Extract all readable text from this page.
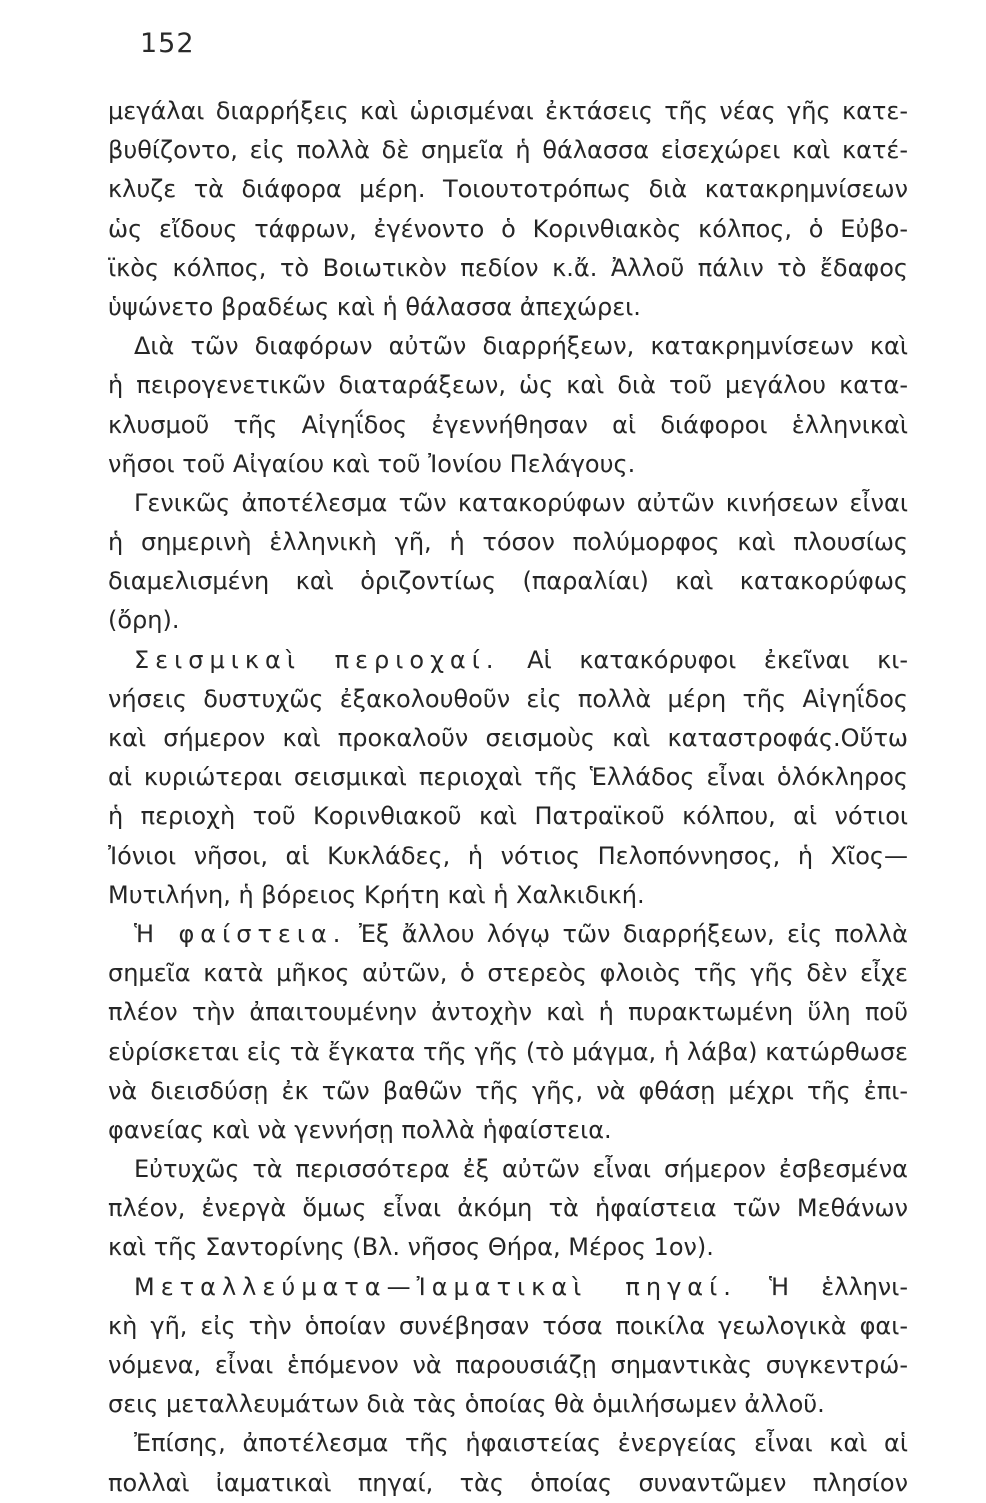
152
μεγάλαι διαρρήξεις καὶ ὡρισμέναι ἐκτάσεις τῆς νέας γῆς κατε-
βυθίζοντο, εἰς πολλὰ δὲ σημεῖα ἡ θάλασσα εἰσεχώρει καὶ κατέ-
κλυζε τὰ διάφορα μέρη. Τοιουτοτρόπως διὰ κατακρημνίσεων
ὡς εἴδους τάφρων, ἐγένοντο ὁ Κορινθιακὸς κόλπος, ὁ Εὐβο-
ϊκὸς κόλπος, τὸ Βοιωτικὸν πεδίον κ.ἄ. Ἀλλοῦ πάλιν τὸ ἔδαφος
ὑψώνετο βραδέως καὶ ἡ θάλασσα ἀπεχώρει.
Διὰ τῶν διαφόρων αὐτῶν διαρρήξεων, κατακρημνίσεων καὶ
ἡ πειρογενετικῶν διαταράξεων, ὡς καὶ διὰ τοῦ μεγάλου κατα-
κλυσμοῦ τῆς Αἰγηΐδος ἐγεννήθησαν αἱ διάφοροι ἑλληνικαὶ
νῆσοι τοῦ Αἰγαίου καὶ τοῦ Ἰονίου Πελάγους.
Γενικῶς ἀποτέλεσμα τῶν κατακορύφων αὐτῶν κινήσεων εἶναι
ἡ σημερινὴ ἑλληνικὴ γῆ, ἡ τόσον πολύμορφος καὶ πλουσίως
διαμελισμένη καὶ ὁριζοντίως (παραλίαι) καὶ κατακορύφως
(ὄρη).
Σεισμικαὶ περιοχαί. Αἱ κατακόρυφοι ἐκεῖναι κι-
νήσεις δυστυχῶς ἐξακολουθοῦν εἰς πολλὰ μέρη τῆς Αἰγηΐδος
καὶ σήμερον καὶ προκαλοῦν σεισμοὺς καὶ καταστροφάς.Οὕτω
αἱ κυριώτεραι σεισμικαὶ περιοχαὶ τῆς Ἑλλάδος εἶναι ὁλόκληρος
ἡ περιοχὴ τοῦ Κορινθιακοῦ καὶ Πατραϊκοῦ κόλπου, αἱ νότιοι
Ἰόνιοι νῆσοι, αἱ Κυκλάδες, ἡ νότιος Πελοπόννησος, ἡ Χῖος—
Μυτιλήνη, ἡ βόρειος Κρήτη καὶ ἡ Χαλκιδική.
Ἡ φαίστεια. Ἐξ ἄλλου λόγῳ τῶν διαρρήξεων, εἰς πολλὰ
σημεῖα κατὰ μῆκος αὐτῶν, ὁ στερεὸς φλοιὸς τῆς γῆς δὲν εἶχε
πλέον τὴν ἀπαιτουμένην ἀντοχὴν καὶ ἡ πυρακτωμένη ὕλη ποῦ
εὑρίσκεται εἰς τὰ ἔγκατα τῆς γῆς (τὸ μάγμα, ἡ λάβα) κατώρθωσε
νὰ διεισδύσῃ ἐκ τῶν βαθῶν τῆς γῆς, νὰ φθάσῃ μέχρι τῆς ἐπι-
φανείας καὶ νὰ γεννήσῃ πολλὰ ἡφαίστεια.
Εὐτυχῶς τὰ περισσότερα ἐξ αὐτῶν εἶναι σήμερον ἐσβεσμένα
πλέον, ἐνεργὰ ὅμως εἶναι ἀκόμη τὰ ἡφαίστεια τῶν Μεθάνων
καὶ τῆς Σαντορίνης (Βλ. νῆσος Θήρα, Μέρος 1ον).
Μεταλλεύματα—Ἰαματικαὶ πηγαί. Ἡ ἑλληνι-
κὴ γῆ, εἰς τὴν ὁποίαν συνέβησαν τόσα ποικίλα γεωλογικὰ φαι-
νόμενα, εἶναι ἑπόμενον νὰ παρουσιάζῃ σημαντικὰς συγκεντρώ-
σεις μεταλλευμάτων διὰ τὰς ὁποίας θὰ ὁμιλήσωμεν ἀλλοῦ.
Ἐπίσης, ἀποτέλεσμα τῆς ἡφαιστείας ἐνεργείας εἶναι καὶ αἱ
πολλαὶ ἰαματικαὶ πηγαί, τὰς ὁποίας συναντῶμεν πλησίον
